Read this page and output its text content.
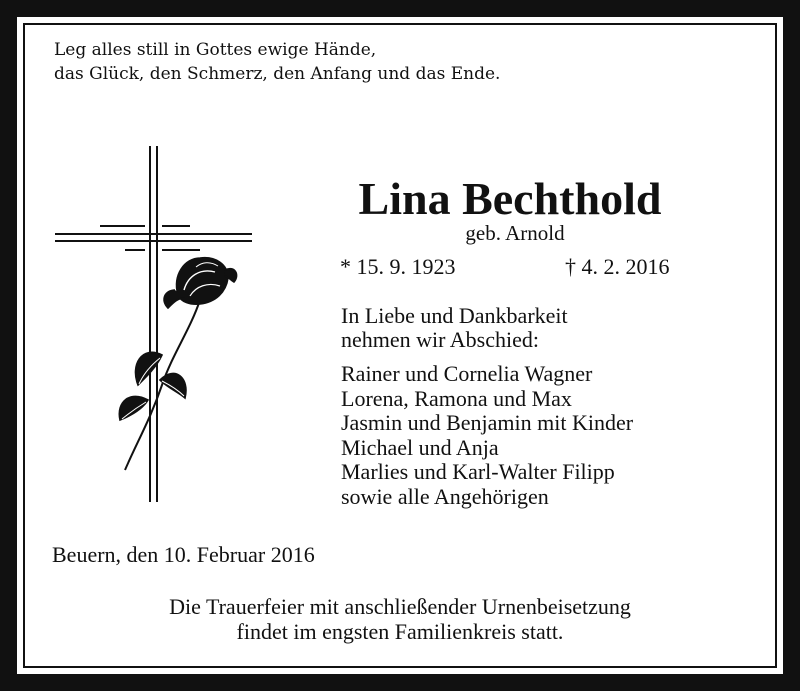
Leg alles still in Gottes ewige Hände,
das Glück, den Schmerz, den Anfang und das Ende.
Lina Bechthold
geb. Arnold
* 15. 9. 1923	† 4. 2. 2016
In Liebe und Dankbarkeit
nehmen wir Abschied:
Rainer und Cornelia Wagner
Lorena, Ramona und Max
Jasmin und Benjamin mit Kinder
Michael und Anja
Marlies und Karl-Walter Filipp
sowie alle Angehörigen
Beuern, den 10. Februar 2016
Die Trauerfeier mit anschließender Urnenbeisetzung
findet im engsten Familienkreis statt.
